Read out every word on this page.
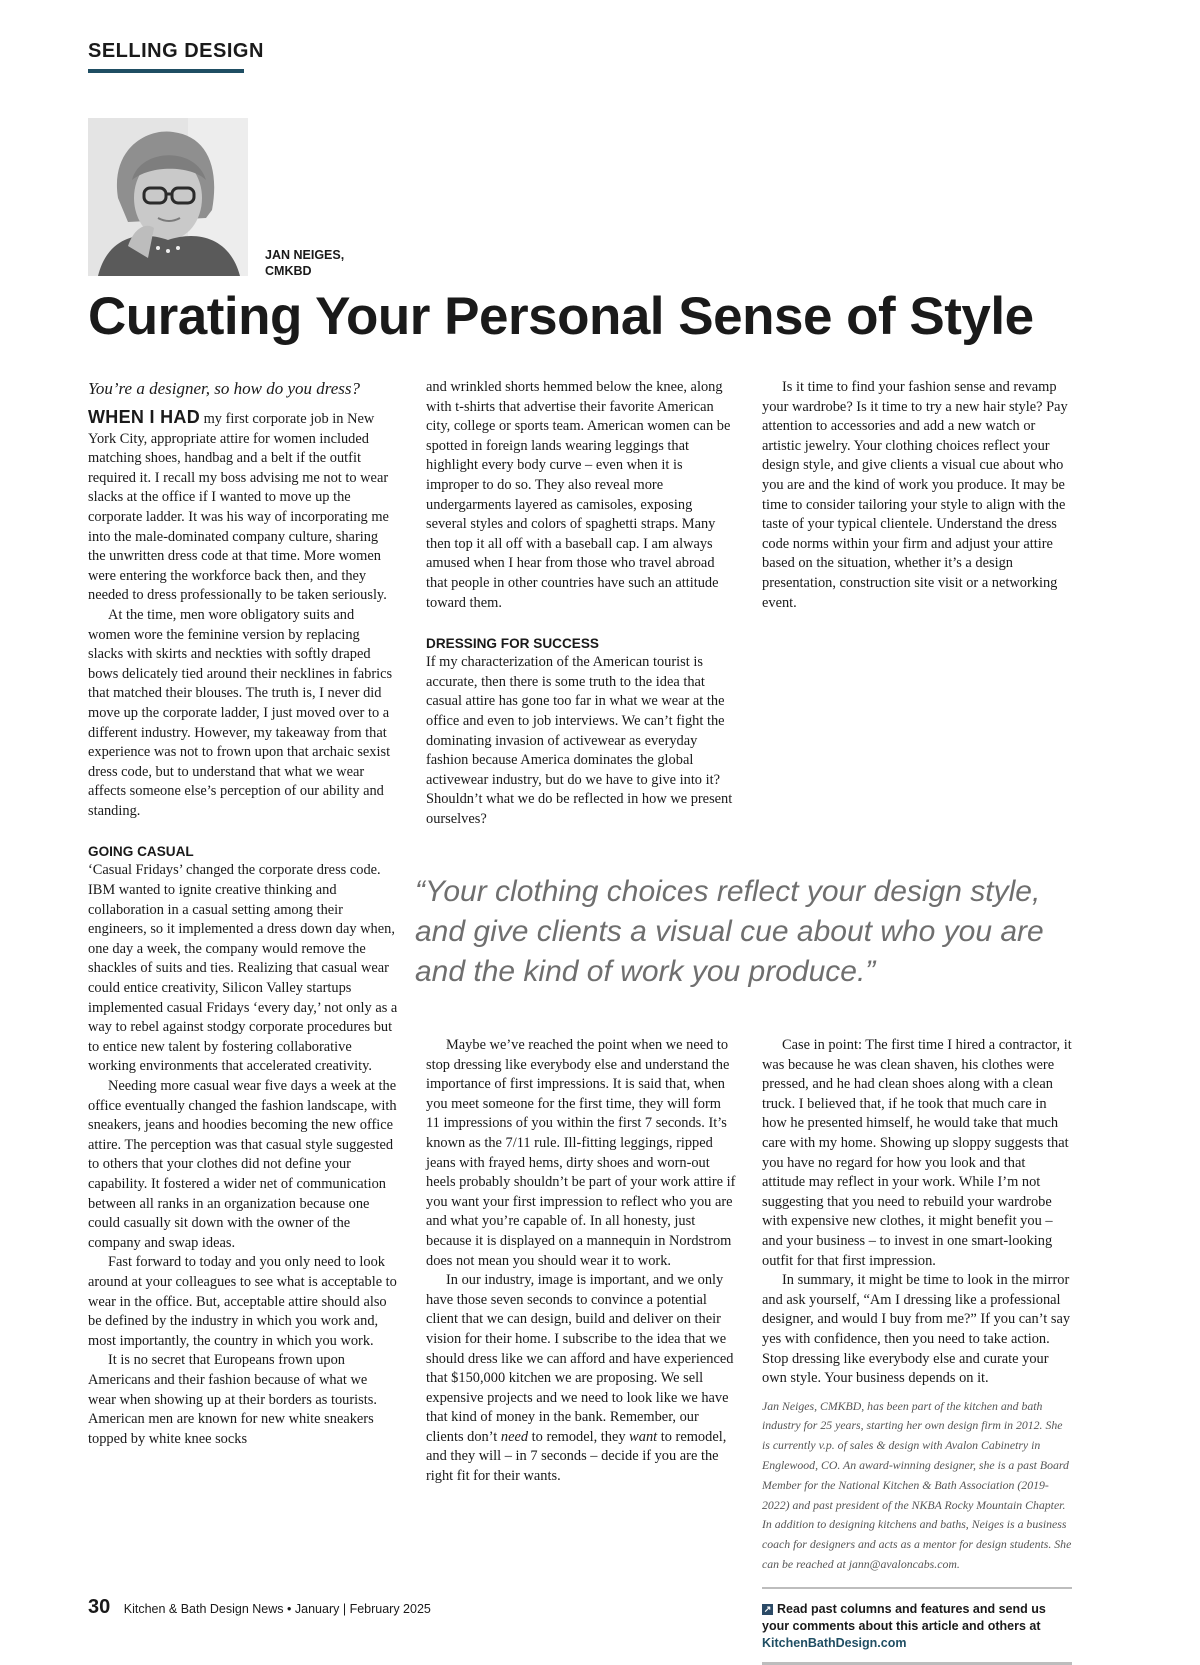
SELLING DESIGN
JAN NEIGES,
CMKBD
Curating Your Personal Sense of Style

You’re a designer, so how do you dress?

WHEN I HAD my first corporate job in New York City, appropriate attire for women included matching shoes, handbag and a belt if the outfit required it. I recall my boss advising me not to wear slacks at the office if I wanted to move up the corporate ladder. It was his way of incorporating me into the male-dominated company culture, sharing the unwritten dress code at that time. More women were entering the workforce back then, and they needed to dress professionally to be taken seriously.

At the time, men wore obligatory suits and women wore the feminine version by replacing slacks with skirts and neckties with softly draped bows delicately tied around their necklines in fabrics that matched their blouses. The truth is, I never did move up the corporate ladder, I just moved over to a different industry. However, my takeaway from that experience was not to frown upon that archaic sexist dress code, but to understand that what we wear affects someone else’s perception of our ability and standing.

GOING CASUAL

‘Casual Fridays’ changed the corporate dress code. IBM wanted to ignite creative thinking and collaboration in a casual setting among their engineers, so it implemented a dress down day when, one day a week, the company would remove the shackles of suits and ties. Realizing that casual wear could entice creativity, Silicon Valley startups implemented casual Fridays ‘every day,’ not only as a way to rebel against stodgy corporate procedures but to entice new talent by fostering collaborative working environments that accelerated creativity.

Needing more casual wear five days a week at the office eventually changed the fashion landscape, with sneakers, jeans and hoodies becoming the new office attire. The perception was that casual style suggested to others that your clothes did not define your capability. It fostered a wider net of communication between all ranks in an organization because one could casually sit down with the owner of the company and swap ideas.

Fast forward to today and you only need to look around at your colleagues to see what is acceptable to wear in the office. But, acceptable attire should also be defined by the industry in which you work and, most importantly, the country in which you work.

It is no secret that Europeans frown upon Americans and their fashion because of what we wear when showing up at their borders as tourists. American men are known for new white sneakers topped by white knee socks

and wrinkled shorts hemmed below the knee, along with t-shirts that advertise their favorite American city, college or sports team. American women can be spotted in foreign lands wearing leggings that highlight every body curve – even when it is improper to do so. They also reveal more undergarments layered as camisoles, exposing several styles and colors of spaghetti straps. Many then top it all off with a baseball cap. I am always amused when I hear from those who travel abroad that people in other countries have such an attitude toward them.

DRESSING FOR SUCCESS

If my characterization of the American tourist is accurate, then there is some truth to the idea that casual attire has gone too far in what we wear at the office and even to job interviews. We can’t fight the dominating invasion of activewear as everyday fashion because America dominates the global activewear industry, but do we have to give into it? Shouldn’t what we do be reflected in how we present ourselves?

Is it time to find your fashion sense and revamp your wardrobe? Is it time to try a new hair style? Pay attention to accessories and add a new watch or artistic jewelry. Your clothing choices reflect your design style, and give clients a visual cue about who you are and the kind of work you produce. It may be time to consider tailoring your style to align with the taste of your typical clientele. Understand the dress code norms within your firm and adjust your attire based on the situation, whether it’s a design presentation, construction site visit or a networking event.

“Your clothing choices reflect your design style, and give clients a visual cue about who you are and the kind of work you produce.”

Maybe we’ve reached the point when we need to stop dressing like everybody else and understand the importance of first impressions. It is said that, when you meet someone for the first time, they will form 11 impressions of you within the first 7 seconds. It’s known as the 7/11 rule. Ill-fitting leggings, ripped jeans with frayed hems, dirty shoes and worn-out heels probably shouldn’t be part of your work attire if you want your first impression to reflect who you are and what you’re capable of. In all honesty, just because it is displayed on a mannequin in Nordstrom does not mean you should wear it to work.

In our industry, image is important, and we only have those seven seconds to convince a potential client that we can design, build and deliver on their vision for their home. I subscribe to the idea that we should dress like we can afford and have experienced that $150,000 kitchen we are proposing. We sell expensive projects and we need to look like we have that kind of money in the bank. Remember, our clients don’t need to remodel, they want to remodel, and they will – in 7 seconds – decide if you are the right fit for their wants.

Case in point: The first time I hired a contractor, it was because he was clean shaven, his clothes were pressed, and he had clean shoes along with a clean truck. I believed that, if he took that much care in how he presented himself, he would take that much care with my home. Showing up sloppy suggests that you have no regard for how you look and that attitude may reflect in your work. While I’m not suggesting that you need to rebuild your wardrobe with expensive new clothes, it might benefit you – and your business – to invest in one smart-looking outfit for that first impression.

In summary, it might be time to look in the mirror and ask yourself, “Am I dressing like a professional designer, and would I buy from me?” If you can’t say yes with confidence, then you need to take action. Stop dressing like everybody else and curate your own style. Your business depends on it.

Jan Neiges, CMKBD, has been part of the kitchen and bath industry for 25 years, starting her own design firm in 2012. She is currently v.p. of sales & design with Avalon Cabinetry in Englewood, CO. An award-winning designer, she is a past Board Member for the National Kitchen & Bath Association (2019-2022) and past president of the NKBA Rocky Mountain Chapter. In addition to designing kitchens and baths, Neiges is a business coach for designers and acts as a mentor for design students. She can be reached at jann@avaloncabs.com.

↗ Read past columns and features and send us your comments about this article and others at KitchenBathDesign.com

30 Kitchen & Bath Design News • January | February 2025
